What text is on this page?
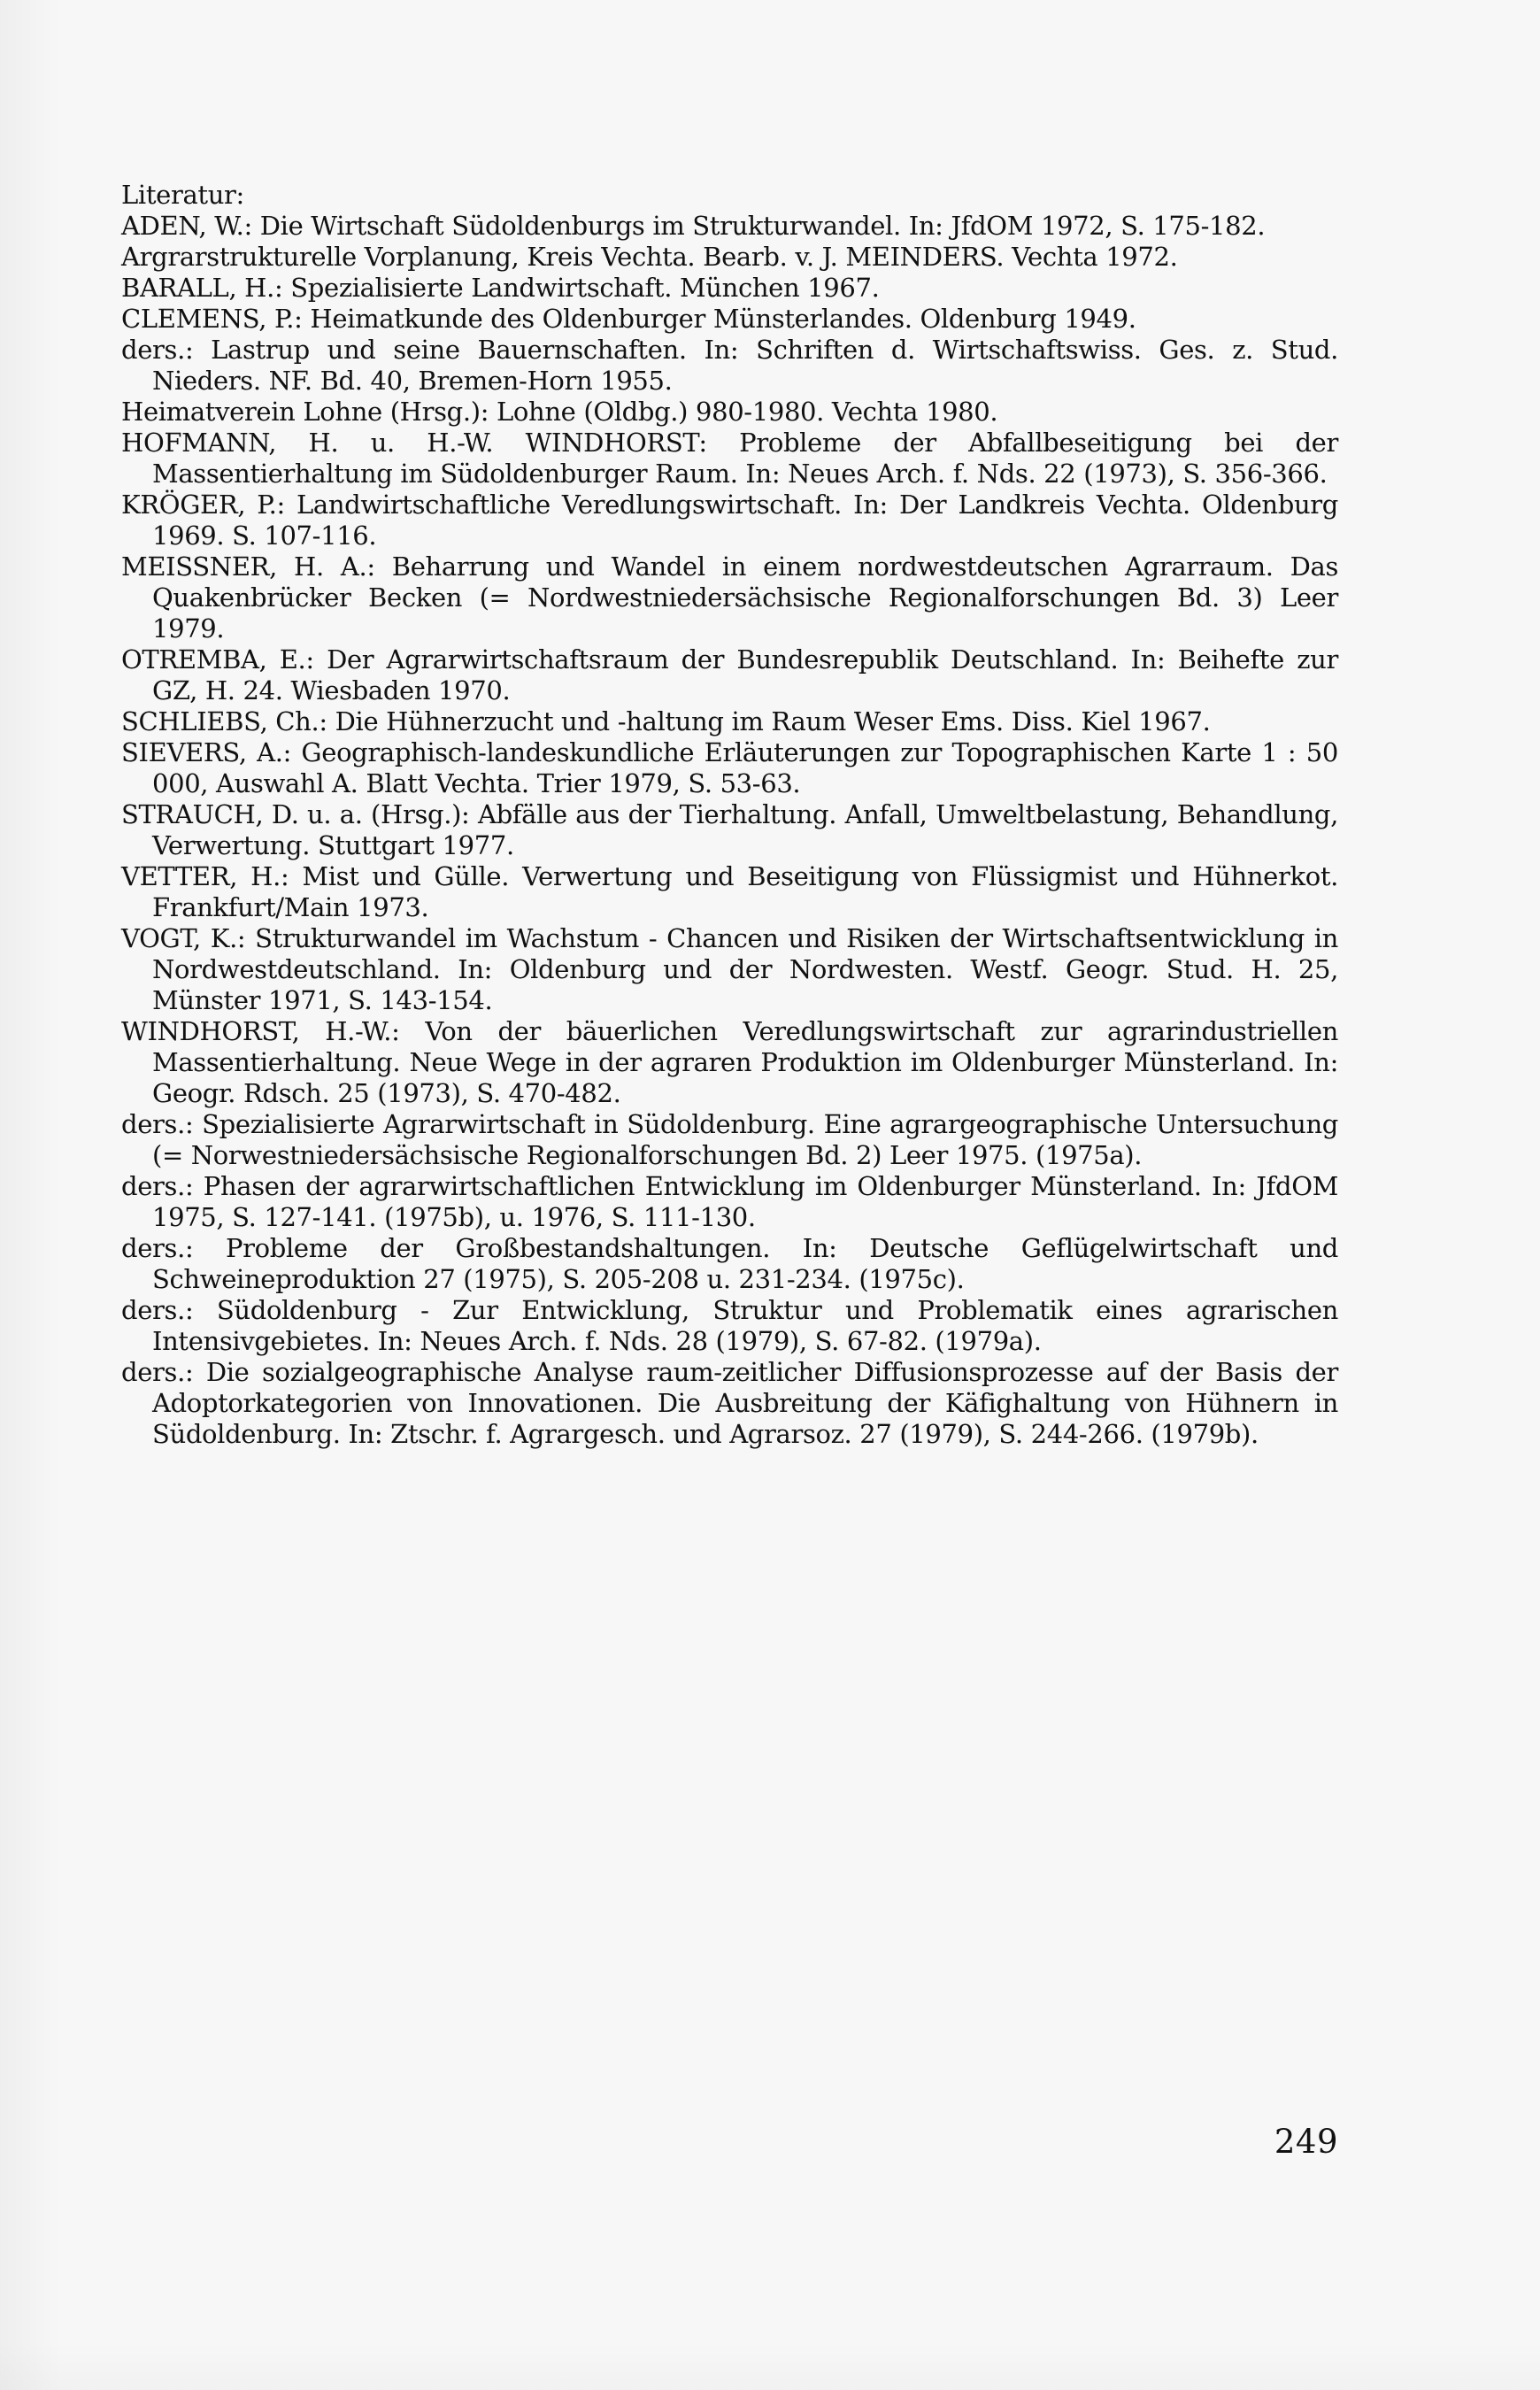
Literatur:
ADEN, W.: Die Wirtschaft Südoldenburgs im Strukturwandel. In: JfdOM 1972, S. 175-182.
Argrarstrukturelle Vorplanung, Kreis Vechta. Bearb. v. J. MEINDERS. Vechta 1972.
BARALL, H.: Spezialisierte Landwirtschaft. München 1967.
CLEMENS, P.: Heimatkunde des Oldenburger Münsterlandes. Oldenburg 1949.
ders.: Lastrup und seine Bauernschaften. In: Schriften d. Wirtschaftswiss. Ges. z. Stud. Nieders. NF. Bd. 40, Bremen-Horn 1955.
Heimatverein Lohne (Hrsg.): Lohne (Oldbg.) 980-1980. Vechta 1980.
HOFMANN, H. u. H.-W. WINDHORST: Probleme der Abfallbeseitigung bei der Massentierhaltung im Südoldenburger Raum. In: Neues Arch. f. Nds. 22 (1973), S. 356-366.
KRÖGER, P.: Landwirtschaftliche Veredlungswirtschaft. In: Der Landkreis Vechta. Oldenburg 1969. S. 107-116.
MEISSNER, H. A.: Beharrung und Wandel in einem nordwestdeutschen Agrarraum. Das Quakenbrücker Becken (= Nordwestniedersächsische Regionalforschungen Bd. 3) Leer 1979.
OTREMBA, E.: Der Agrarwirtschaftsraum der Bundesrepublik Deutschland. In: Beihefte zur GZ, H. 24. Wiesbaden 1970.
SCHLIEBS, Ch.: Die Hühnerzucht und -haltung im Raum Weser Ems. Diss. Kiel 1967.
SIEVERS, A.: Geographisch-landeskundliche Erläuterungen zur Topographischen Karte 1 : 50 000, Auswahl A. Blatt Vechta. Trier 1979, S. 53-63.
STRAUCH, D. u. a. (Hrsg.): Abfälle aus der Tierhaltung. Anfall, Umweltbelastung, Behandlung, Verwertung. Stuttgart 1977.
VETTER, H.: Mist und Gülle. Verwertung und Beseitigung von Flüssigmist und Hühnerkot. Frankfurt/Main 1973.
VOGT, K.: Strukturwandel im Wachstum - Chancen und Risiken der Wirtschaftsentwicklung in Nordwestdeutschland. In: Oldenburg und der Nordwesten. Westf. Geogr. Stud. H. 25, Münster 1971, S. 143-154.
WINDHORST, H.-W.: Von der bäuerlichen Veredlungswirtschaft zur agrarindustriellen Massentierhaltung. Neue Wege in der agraren Produktion im Oldenburger Münsterland. In: Geogr. Rdsch. 25 (1973), S. 470-482.
ders.: Spezialisierte Agrarwirtschaft in Südoldenburg. Eine agrargeographische Untersuchung (= Norwestniedersächsische Regionalforschungen Bd. 2) Leer 1975. (1975a).
ders.: Phasen der agrarwirtschaftlichen Entwicklung im Oldenburger Münsterland. In: JfdOM 1975, S. 127-141. (1975b), u. 1976, S. 111-130.
ders.: Probleme der Großbestandshaltungen. In: Deutsche Geflügelwirtschaft und Schweineproduktion 27 (1975), S. 205-208 u. 231-234. (1975c).
ders.: Südoldenburg - Zur Entwicklung, Struktur und Problematik eines agrarischen Intensivgebietes. In: Neues Arch. f. Nds. 28 (1979), S. 67-82. (1979a).
ders.: Die sozialgeographische Analyse raum-zeitlicher Diffusionsprozesse auf der Basis der Adoptorkategorien von Innovationen. Die Ausbreitung der Käfighaltung von Hühnern in Südoldenburg. In: Ztschr. f. Agrargesch. und Agrarsoz. 27 (1979), S. 244-266. (1979b).
249
